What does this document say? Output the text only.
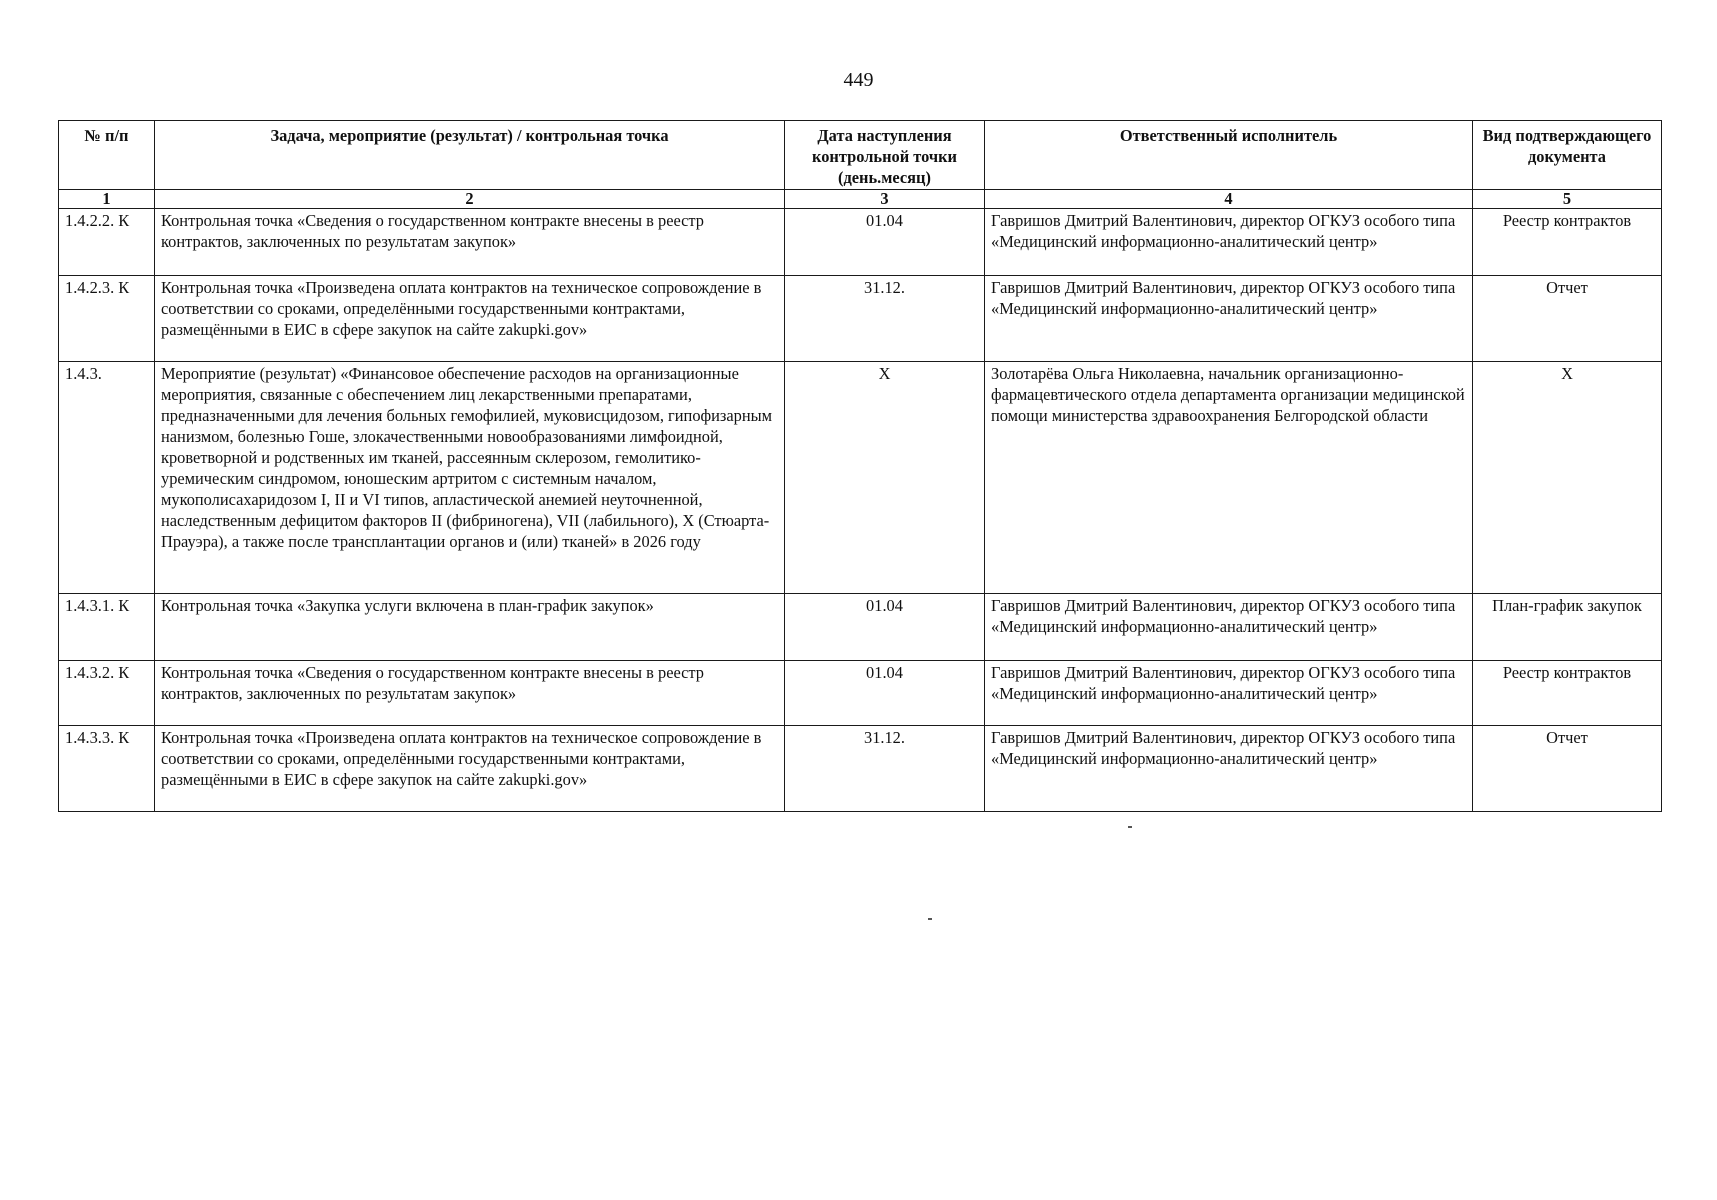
449
№ п/п	Задача, мероприятие (результат) / контрольная точка	Дата наступления контрольной точки (день.месяц)	Ответственный исполнитель	Вид подтверждающего документа
1	2	3	4	5
1.4.2.2. К	Контрольная точка «Сведения о государственном контракте внесены в реестр контрактов, заключенных по результатам закупок»	01.04	Гавришов Дмитрий Валентинович, директор ОГКУЗ особого типа «Медицинский информационно-аналитический центр»	Реестр контрактов
1.4.2.3. К	Контрольная точка «Произведена оплата контрактов на техническое сопровождение в соответствии со сроками, определёнными государственными контрактами, размещёнными в ЕИС в сфере закупок на сайте zakupki.gov»	31.12.	Гавришов Дмитрий Валентинович, директор ОГКУЗ особого типа «Медицинский информационно-аналитический центр»	Отчет
1.4.3.	Мероприятие (результат) «Финансовое обеспечение расходов на организационные мероприятия, связанные с обеспечением лиц лекарственными препаратами, предназначенными для лечения больных гемофилией, муковисцидозом, гипофизарным нанизмом, болезнью Гоше, злокачественными новообразованиями лимфоидной, кроветворной и родственных им тканей, рассеянным склерозом, гемолитико-уремическим синдромом, юношеским артритом с системным началом, мукополисахаридозом I, II и VI типов, апластической анемией неуточненной, наследственным дефицитом факторов II (фибриногена), VII (лабильного), X (Стюарта-Прауэра), а также после трансплантации органов и (или) тканей» в 2026 году	X	Золотарёва Ольга Николаевна, начальник организационно-фармацевтического отдела департамента организации медицинской помощи министерства здравоохранения Белгородской области	X
1.4.3.1. К	Контрольная точка «Закупка услуги включена в план-график закупок»	01.04	Гавришов Дмитрий Валентинович, директор ОГКУЗ особого типа «Медицинский информационно-аналитический центр»	План-график закупок
1.4.3.2. К	Контрольная точка «Сведения о государственном контракте внесены в реестр контрактов, заключенных по результатам закупок»	01.04	Гавришов Дмитрий Валентинович, директор ОГКУЗ особого типа «Медицинский информационно-аналитический центр»	Реестр контрактов
1.4.3.3. К	Контрольная точка «Произведена оплата контрактов на техническое сопровождение в соответствии со сроками, определёнными государственными контрактами, размещёнными в ЕИС в сфере закупок на сайте zakupki.gov»	31.12.	Гавришов Дмитрий Валентинович, директор ОГКУЗ особого типа «Медицинский информационно-аналитический центр»	Отчет
